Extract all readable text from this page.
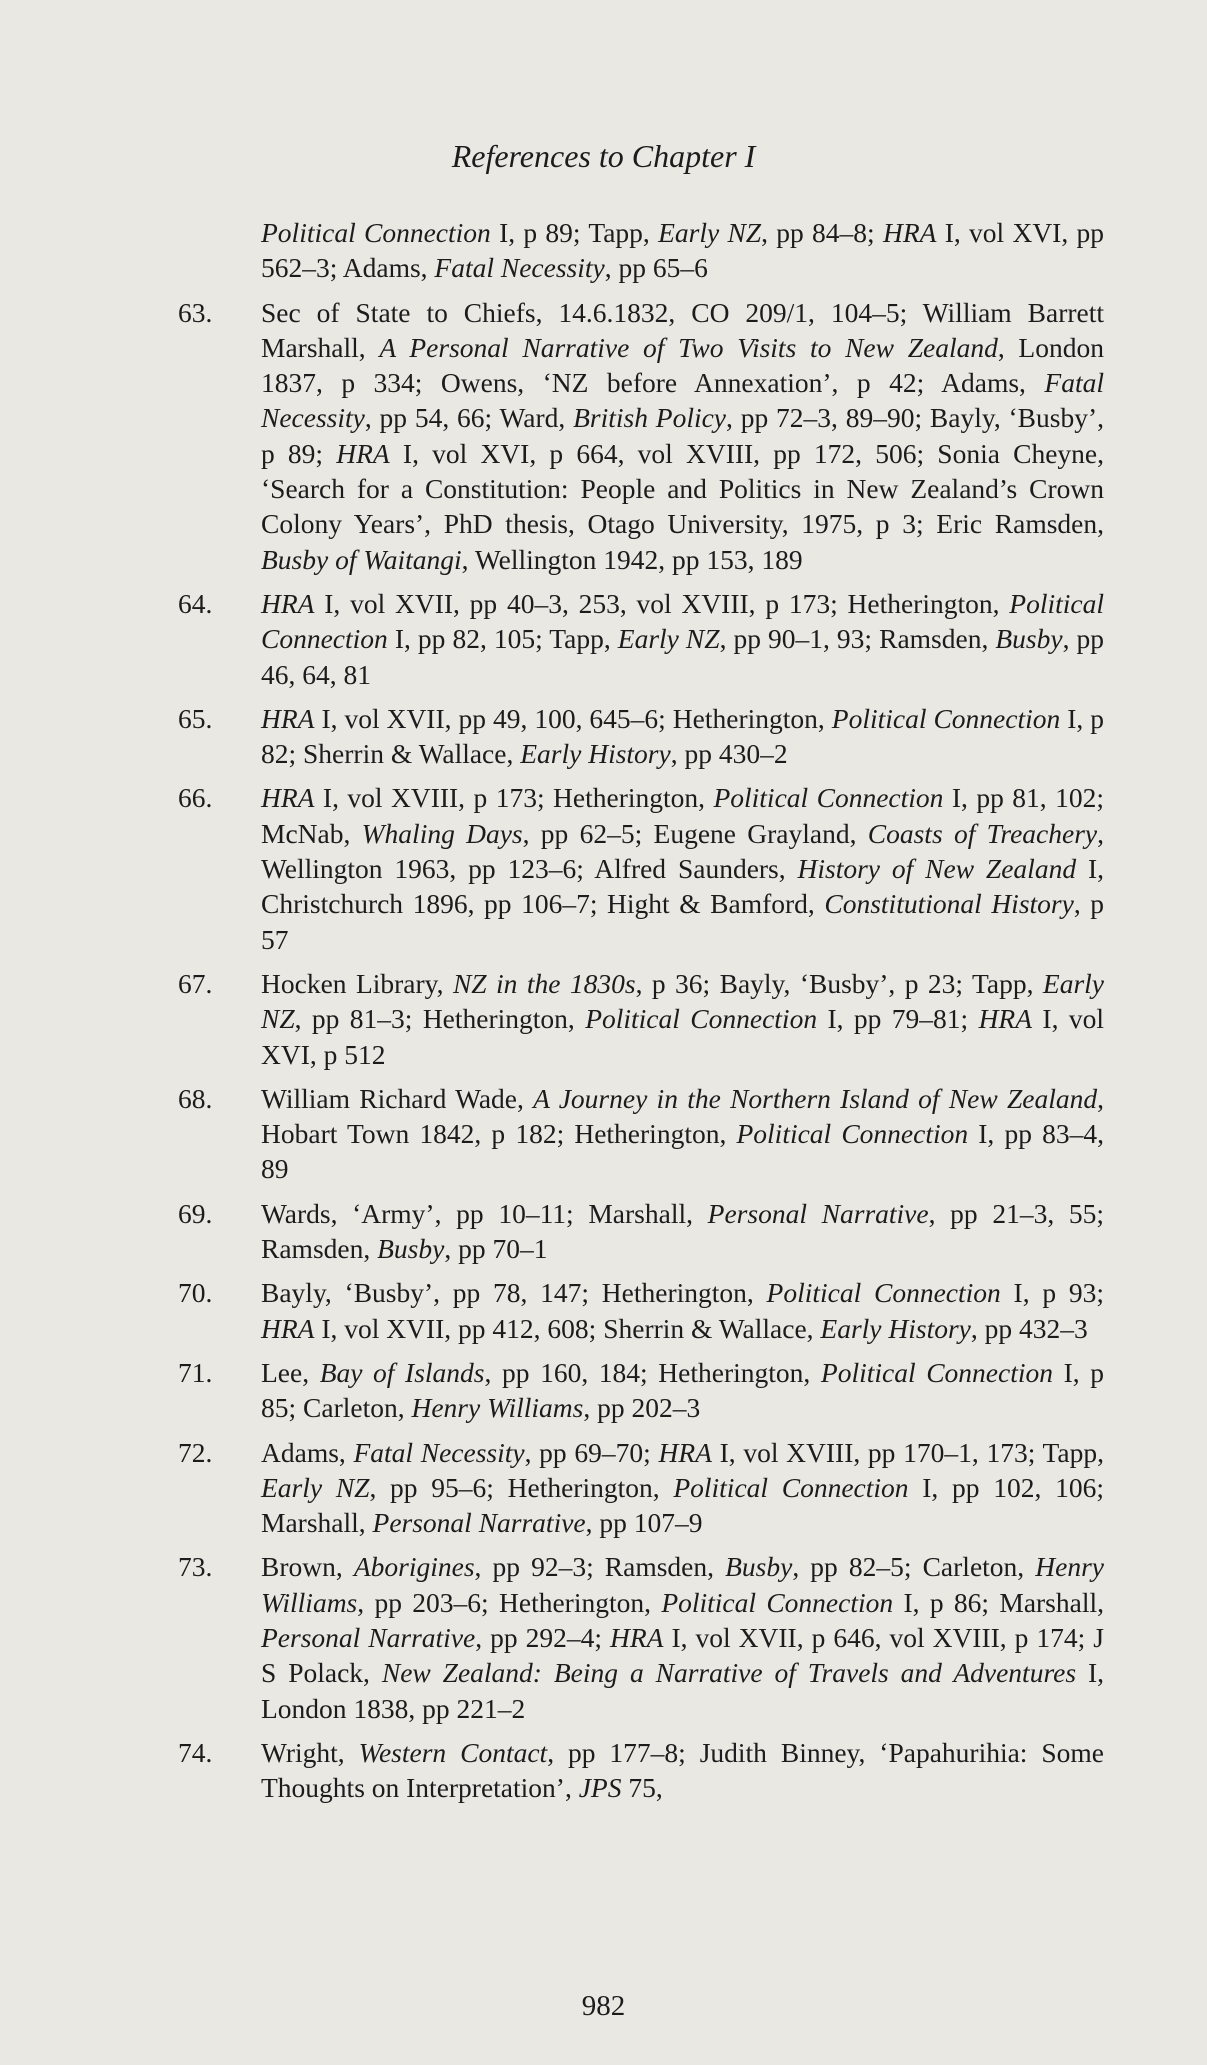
References to Chapter I
Political Connection I, p 89; Tapp, Early NZ, pp 84–8; HRA I, vol XVI, pp 562–3; Adams, Fatal Necessity, pp 65–6
63.	Sec of State to Chiefs, 14.6.1832, CO 209/1, 104–5; William Barrett Marshall, A Personal Narrative of Two Visits to New Zealand, London 1837, p 334; Owens, ‘NZ before Annexation’, p 42; Adams, Fatal Necessity, pp 54, 66; Ward, British Policy, pp 72–3, 89–90; Bayly, ‘Busby’, p 89; HRA I, vol XVI, p 664, vol XVIII, pp 172, 506; Sonia Cheyne, ‘Search for a Constitution: People and Politics in New Zealand’s Crown Colony Years’, PhD thesis, Otago University, 1975, p 3; Eric Ramsden, Busby of Waitangi, Wellington 1942, pp 153, 189
64.	HRA I, vol XVII, pp 40–3, 253, vol XVIII, p 173; Hetherington, Political Connection I, pp 82, 105; Tapp, Early NZ, pp 90–1, 93; Ramsden, Busby, pp 46, 64, 81
65.	HRA I, vol XVII, pp 49, 100, 645–6; Hetherington, Political Connection I, p 82; Sherrin & Wallace, Early History, pp 430–2
66.	HRA I, vol XVIII, p 173; Hetherington, Political Connection I, pp 81, 102; McNab, Whaling Days, pp 62–5; Eugene Grayland, Coasts of Treachery, Wellington 1963, pp 123–6; Alfred Saunders, History of New Zealand I, Christchurch 1896, pp 106–7; Hight & Bamford, Constitutional History, p 57
67.	Hocken Library, NZ in the 1830s, p 36; Bayly, ‘Busby’, p 23; Tapp, Early NZ, pp 81–3; Hetherington, Political Connection I, pp 79–81; HRA I, vol XVI, p 512
68.	William Richard Wade, A Journey in the Northern Island of New Zealand, Hobart Town 1842, p 182; Hetherington, Political Connection I, pp 83–4, 89
69.	Wards, ‘Army’, pp 10–11; Marshall, Personal Narrative, pp 21–3, 55; Ramsden, Busby, pp 70–1
70.	Bayly, ‘Busby’, pp 78, 147; Hetherington, Political Connection I, p 93; HRA I, vol XVII, pp 412, 608; Sherrin & Wallace, Early History, pp 432–3
71.	Lee, Bay of Islands, pp 160, 184; Hetherington, Political Connection I, p 85; Carleton, Henry Williams, pp 202–3
72.	Adams, Fatal Necessity, pp 69–70; HRA I, vol XVIII, pp 170–1, 173; Tapp, Early NZ, pp 95–6; Hetherington, Political Connection I, pp 102, 106; Marshall, Personal Narrative, pp 107–9
73.	Brown, Aborigines, pp 92–3; Ramsden, Busby, pp 82–5; Carleton, Henry Williams, pp 203–6; Hetherington, Political Connection I, p 86; Marshall, Personal Narrative, pp 292–4; HRA I, vol XVII, p 646, vol XVIII, p 174; J S Polack, New Zealand: Being a Narrative of Travels and Adventures I, London 1838, pp 221–2
74.	Wright, Western Contact, pp 177–8; Judith Binney, ‘Papahurihia: Some Thoughts on Interpretation’, JPS 75,
982
